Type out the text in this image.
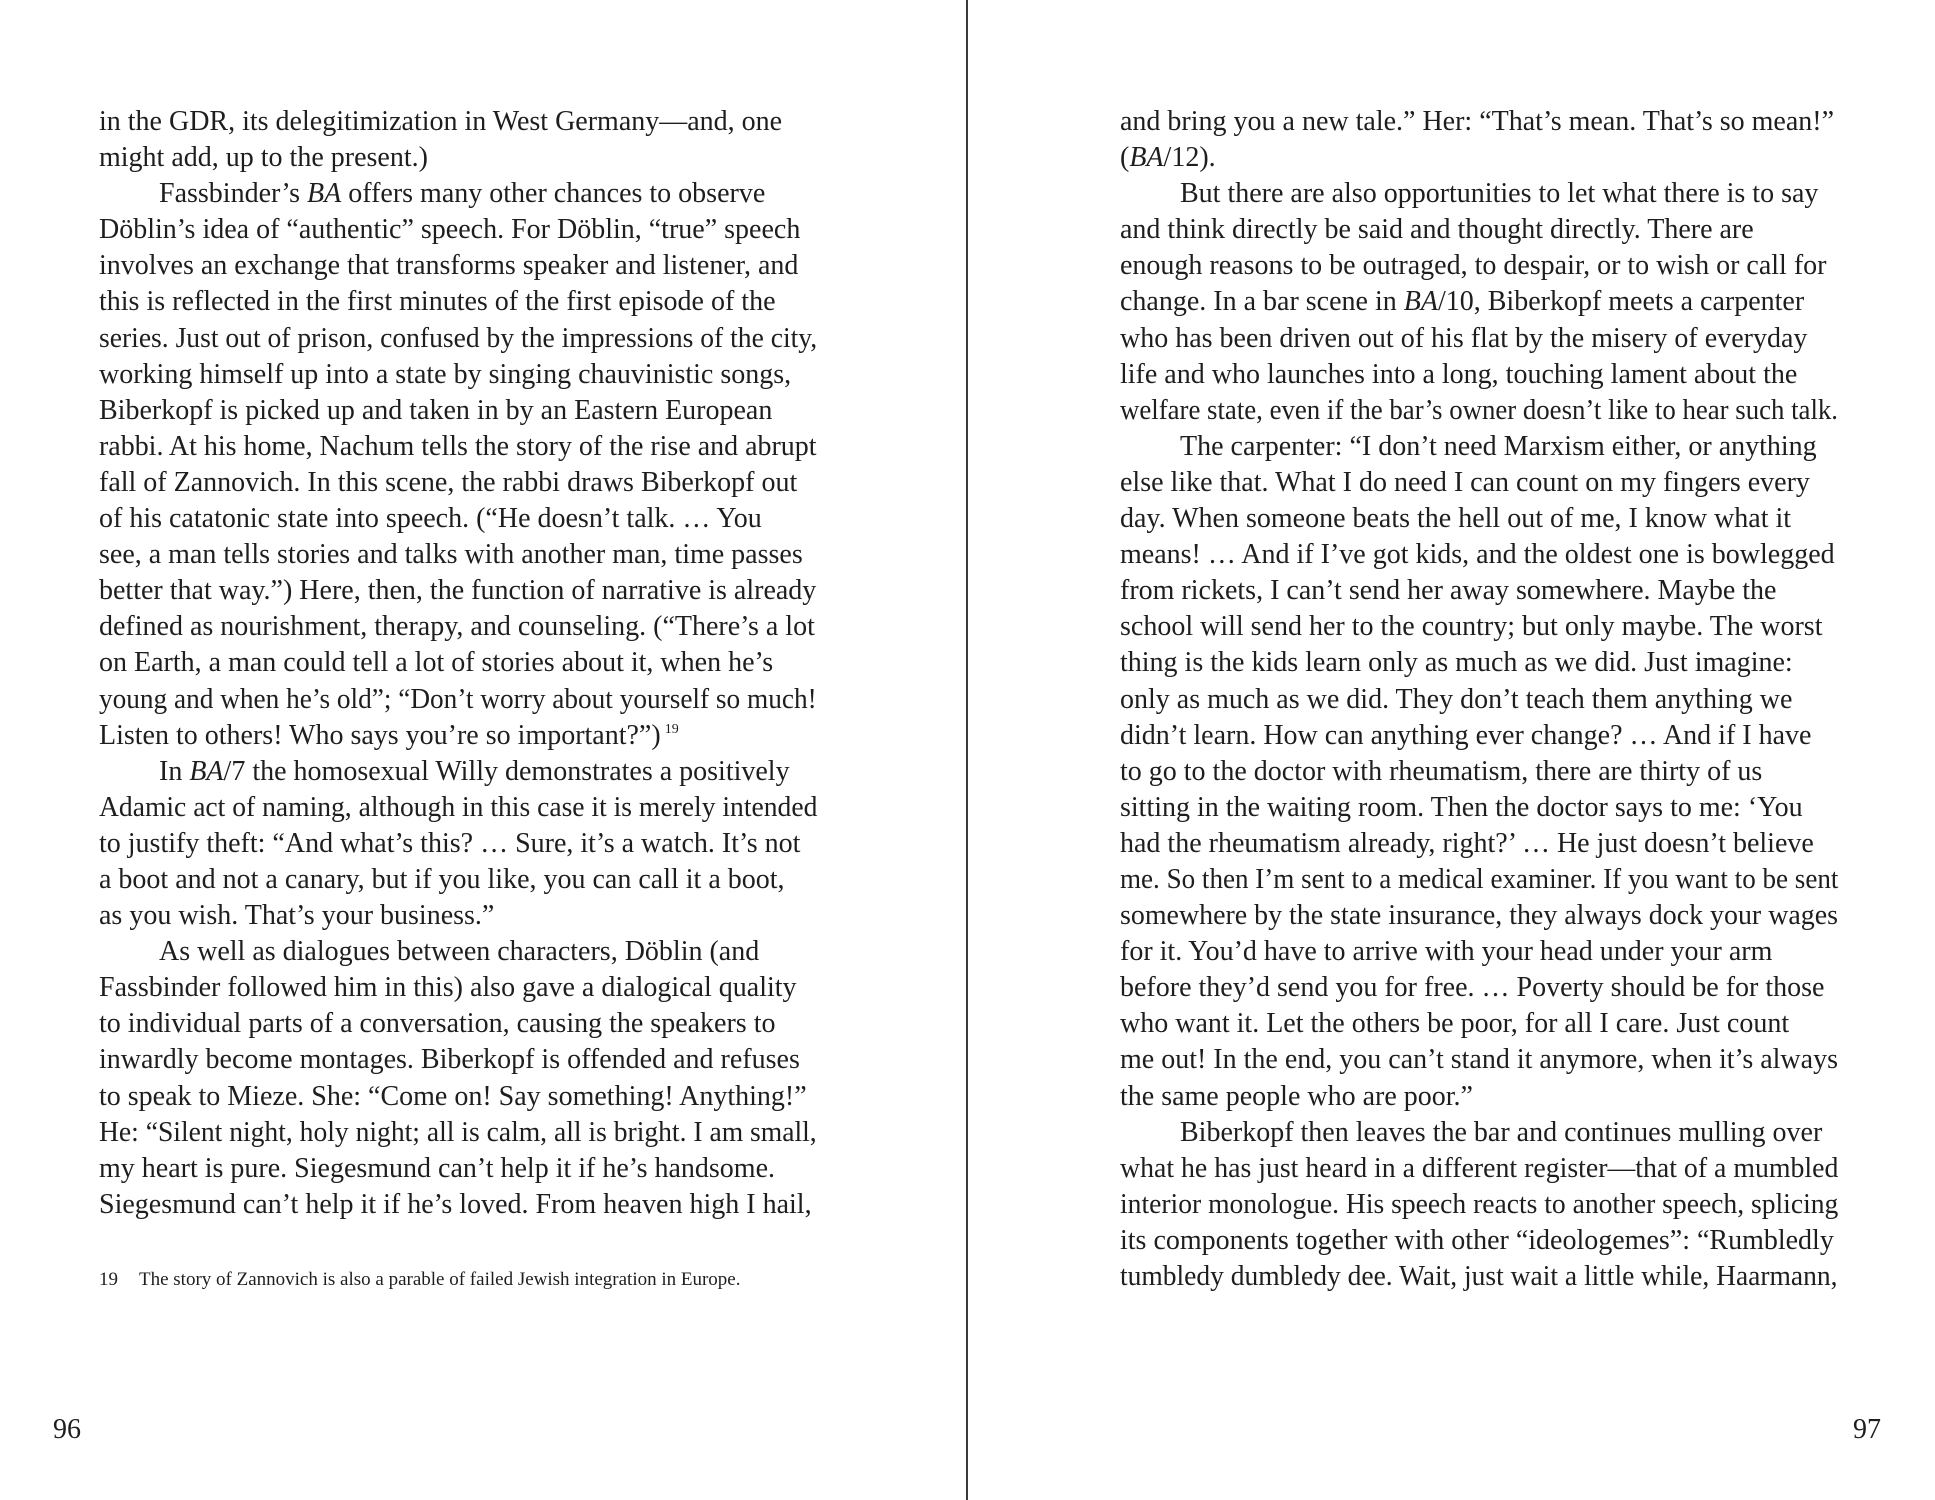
in the GDR, its delegitimization in West Germany—and, one
might add, up to the present.)
Fassbinder’s BA offers many other chances to observe
Döblin’s idea of “authentic” speech. For Döblin, “true” speech
involves an exchange that transforms speaker and listener, and
this is reflected in the first minutes of the first episode of the
series. Just out of prison, confused by the impressions of the city,
working himself up into a state by singing chauvinistic songs,
Biberkopf is picked up and taken in by an Eastern European
rabbi. At his home, Nachum tells the story of the rise and abrupt
fall of Zannovich. In this scene, the rabbi draws Biberkopf out
of his catatonic state into speech. (“He doesn’t talk. … You
see, a man tells stories and talks with another man, time passes
better that way.”) Here, then, the function of narrative is already
defined as nourishment, therapy, and counseling. (“There’s a lot
on Earth, a man could tell a lot of stories about it, when he’s
young and when he’s old”; “Don’t worry about yourself so much!
Listen to others! Who says you’re so important?”) $^{19}$
In BA/7 the homosexual Willy demonstrates a positively
Adamic act of naming, although in this case it is merely intended
to justify theft: “And what’s this? … Sure, it’s a watch. It’s not
a boot and not a canary, but if you like, you can call it a boot,
as you wish. That’s your business.”
As well as dialogues between characters, Döblin (and
Fassbinder followed him in this) also gave a dialogical quality
to individual parts of a conversation, causing the speakers to
inwardly become montages. Biberkopf is offended and refuses
to speak to Mieze. She: “Come on! Say something! Anything!”
He: “Silent night, holy night; all is calm, all is bright. I am small,
my heart is pure. Siegesmund can’t help it if he’s handsome.
Siegesmund can’t help it if he’s loved. From heaven high I hail,
19 The story of Zannovich is also a parable of failed Jewish integration in Europe.
96
and bring you a new tale.” Her: “That’s mean. That’s so mean!”
(BA/12).
But there are also opportunities to let what there is to say
and think directly be said and thought directly. There are
enough reasons to be outraged, to despair, or to wish or call for
change. In a bar scene in BA/10, Biberkopf meets a carpenter
who has been driven out of his flat by the misery of everyday
life and who launches into a long, touching lament about the
welfare state, even if the bar’s owner doesn’t like to hear such talk.
The carpenter: “I don’t need Marxism either, or anything
else like that. What I do need I can count on my fingers every
day. When someone beats the hell out of me, I know what it
means! … And if I’ve got kids, and the oldest one is bowlegged
from rickets, I can’t send her away somewhere. Maybe the
school will send her to the country; but only maybe. The worst
thing is the kids learn only as much as we did. Just imagine:
only as much as we did. They don’t teach them anything we
didn’t learn. How can anything ever change? … And if I have
to go to the doctor with rheumatism, there are thirty of us
sitting in the waiting room. Then the doctor says to me: ‘You
had the rheumatism already, right?’ … He just doesn’t believe
me. So then I’m sent to a medical examiner. If you want to be sent
somewhere by the state insurance, they always dock your wages
for it. You’d have to arrive with your head under your arm
before they’d send you for free. … Poverty should be for those
who want it. Let the others be poor, for all I care. Just count
me out! In the end, you can’t stand it anymore, when it’s always
the same people who are poor.”
Biberkopf then leaves the bar and continues mulling over
what he has just heard in a different register—that of a mumbled
interior monologue. His speech reacts to another speech, splicing
its components together with other “ideologemes”: “Rumbledly
tumbledy dumbledy dee. Wait, just wait a little while, Haarmann,
97
